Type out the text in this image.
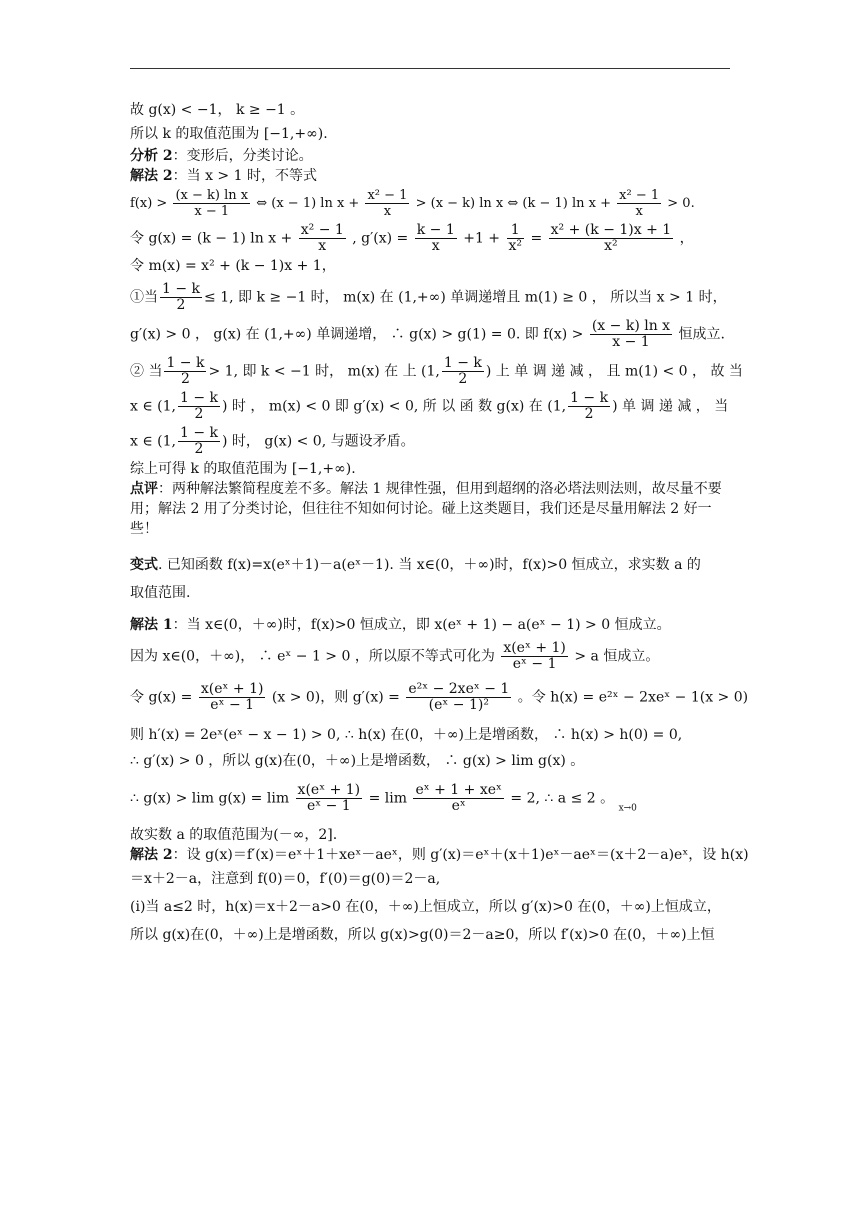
故 g(x) < −1， k ≥ −1 。
所以 k 的取值范围为 [−1,+∞).
分析 2：变形后，分类讨论。
解法 2：当 x > 1 时，不等式
$f(x) > \frac{\text{(x − k) ln x}}{x - 1}$ ⇔ (x − 1) $\ln x + \frac{\text{x² − 1}}{x} > (x - k)$ ln x ⇔ (k − 1) $\ln x + \frac{\text{x² − 1}}{x} > 0$.
令 g(x) = (k − 1) $\ln x + \frac{\text{x² − 1}}{x}$ , $g'(x) = \frac{k - 1}{x} +1 + \frac{1}{\text{x²}} = \frac{\text{x² + (k − 1)x + 1}}{\text{x²}}$ ，
令 m(x) = x² + (k − 1)x + 1，
①当 $\frac{1 - k}{2} \le 1$, 即 k ≥ −1 时， m(x) 在 (1,+∞) 单调递增且 m(1) ≥ 0 ， 所以当 x > 1 时，
g′(x) > 0 ， g(x) 在 (1,+∞) 单调递增， ∴ g(x) > g(1) = 0. 即 $f(x) > \frac{\text{(x − k) ln x}}{x - 1}$ 恒成立.
② 当 $\frac{1 - k}{2} > 1$, 即 k < −1 时， m(x) 在 上 (1, $\frac{1 - k}{2}$ ) 上 单 调 递 减 ， 且 m(1) < 0 ， 故 当
x ∈ (1, $\frac{1 - k}{2}$ ) 时 ， m(x) < 0 即 g′(x) < 0, 所 以 函 数 g(x) 在 (1, $\frac{1 - k}{2}$ ) 单 调 递 减 ， 当
x ∈ (1, $\frac{1 - k}{2}$ ) 时， g(x) < 0, 与题设矛盾。
综上可得 k 的取值范围为 [−1,+∞).
点评：两种解法繁简程度差不多。解法 1 规律性强，但用到超纲的洛必塔法则法则，故尽量不要用；解法 2 用了分类讨论，但往往不知如何讨论。碰上这类题目，我们还是尽量用解法 2 好一些！
变式. 已知函数 f(x)=x(eˣ＋1)－a(eˣ－1). 当 x∈(0，＋∞)时，f(x)>0 恒成立，求实数 a 的
取值范围.
解法 1：当 x∈(0，＋∞)时，f(x)>0 恒成立，即 x(eˣ + 1) − a(eˣ − 1) > 0 恒成立。
因为 x∈(0，＋∞)， ∴ eˣ − 1 > 0 ，所以原不等式可化为 $\frac{\text{x(eˣ + 1)}}{\text{eˣ − 1}} > a$ 恒成立。
令 $g(x) = \frac{\text{x(eˣ + 1)}}{\text{eˣ − 1}} (x > 0)$，则 $g'(x) = \frac{\text{e²ˣ − 2xeˣ − 1}}{\text{(eˣ − 1)²}}$ 。令 h(x) = e²ˣ − 2xeˣ − 1(x > 0)
则 h′(x) = 2eˣ(eˣ − x − 1) > 0, ∴ h(x) 在(0，＋∞)上是增函数， ∴ h(x) > h(0) = 0,
∴ g′(x) > 0 ，所以 g(x)在(0，＋∞)上是增函数， ∴ g(x) > lim g(x) 。
∴ $g(x) > \lim g(x) = \lim \frac{\text{x(eˣ + 1)}}{\text{eˣ − 1}} = \lim \frac{\text{eˣ + 1 + xeˣ}}{\text{eˣ}} = 2$, ∴ a ≤ 2 。 $_{x\to 0}$
故实数 a 的取值范围为(－∞，2].
解法 2：设 g(x)＝f′(x)＝eˣ＋1＋xeˣ－aeˣ，则 g′(x)＝eˣ＋(x＋1)eˣ－aeˣ＝(x＋2－a)eˣ，设 h(x)
＝x＋2－a，注意到 f(0)＝0，f′(0)＝g(0)＝2－a,
(i)当 a≤2 时，h(x)＝x＋2－a>0 在(0，＋∞)上恒成立，所以 g′(x)>0 在(0，＋∞)上恒成立，
所以 g(x)在(0，＋∞)上是增函数，所以 g(x)>g(0)＝2－a≥0，所以 f′(x)>0 在(0，＋∞)上恒
